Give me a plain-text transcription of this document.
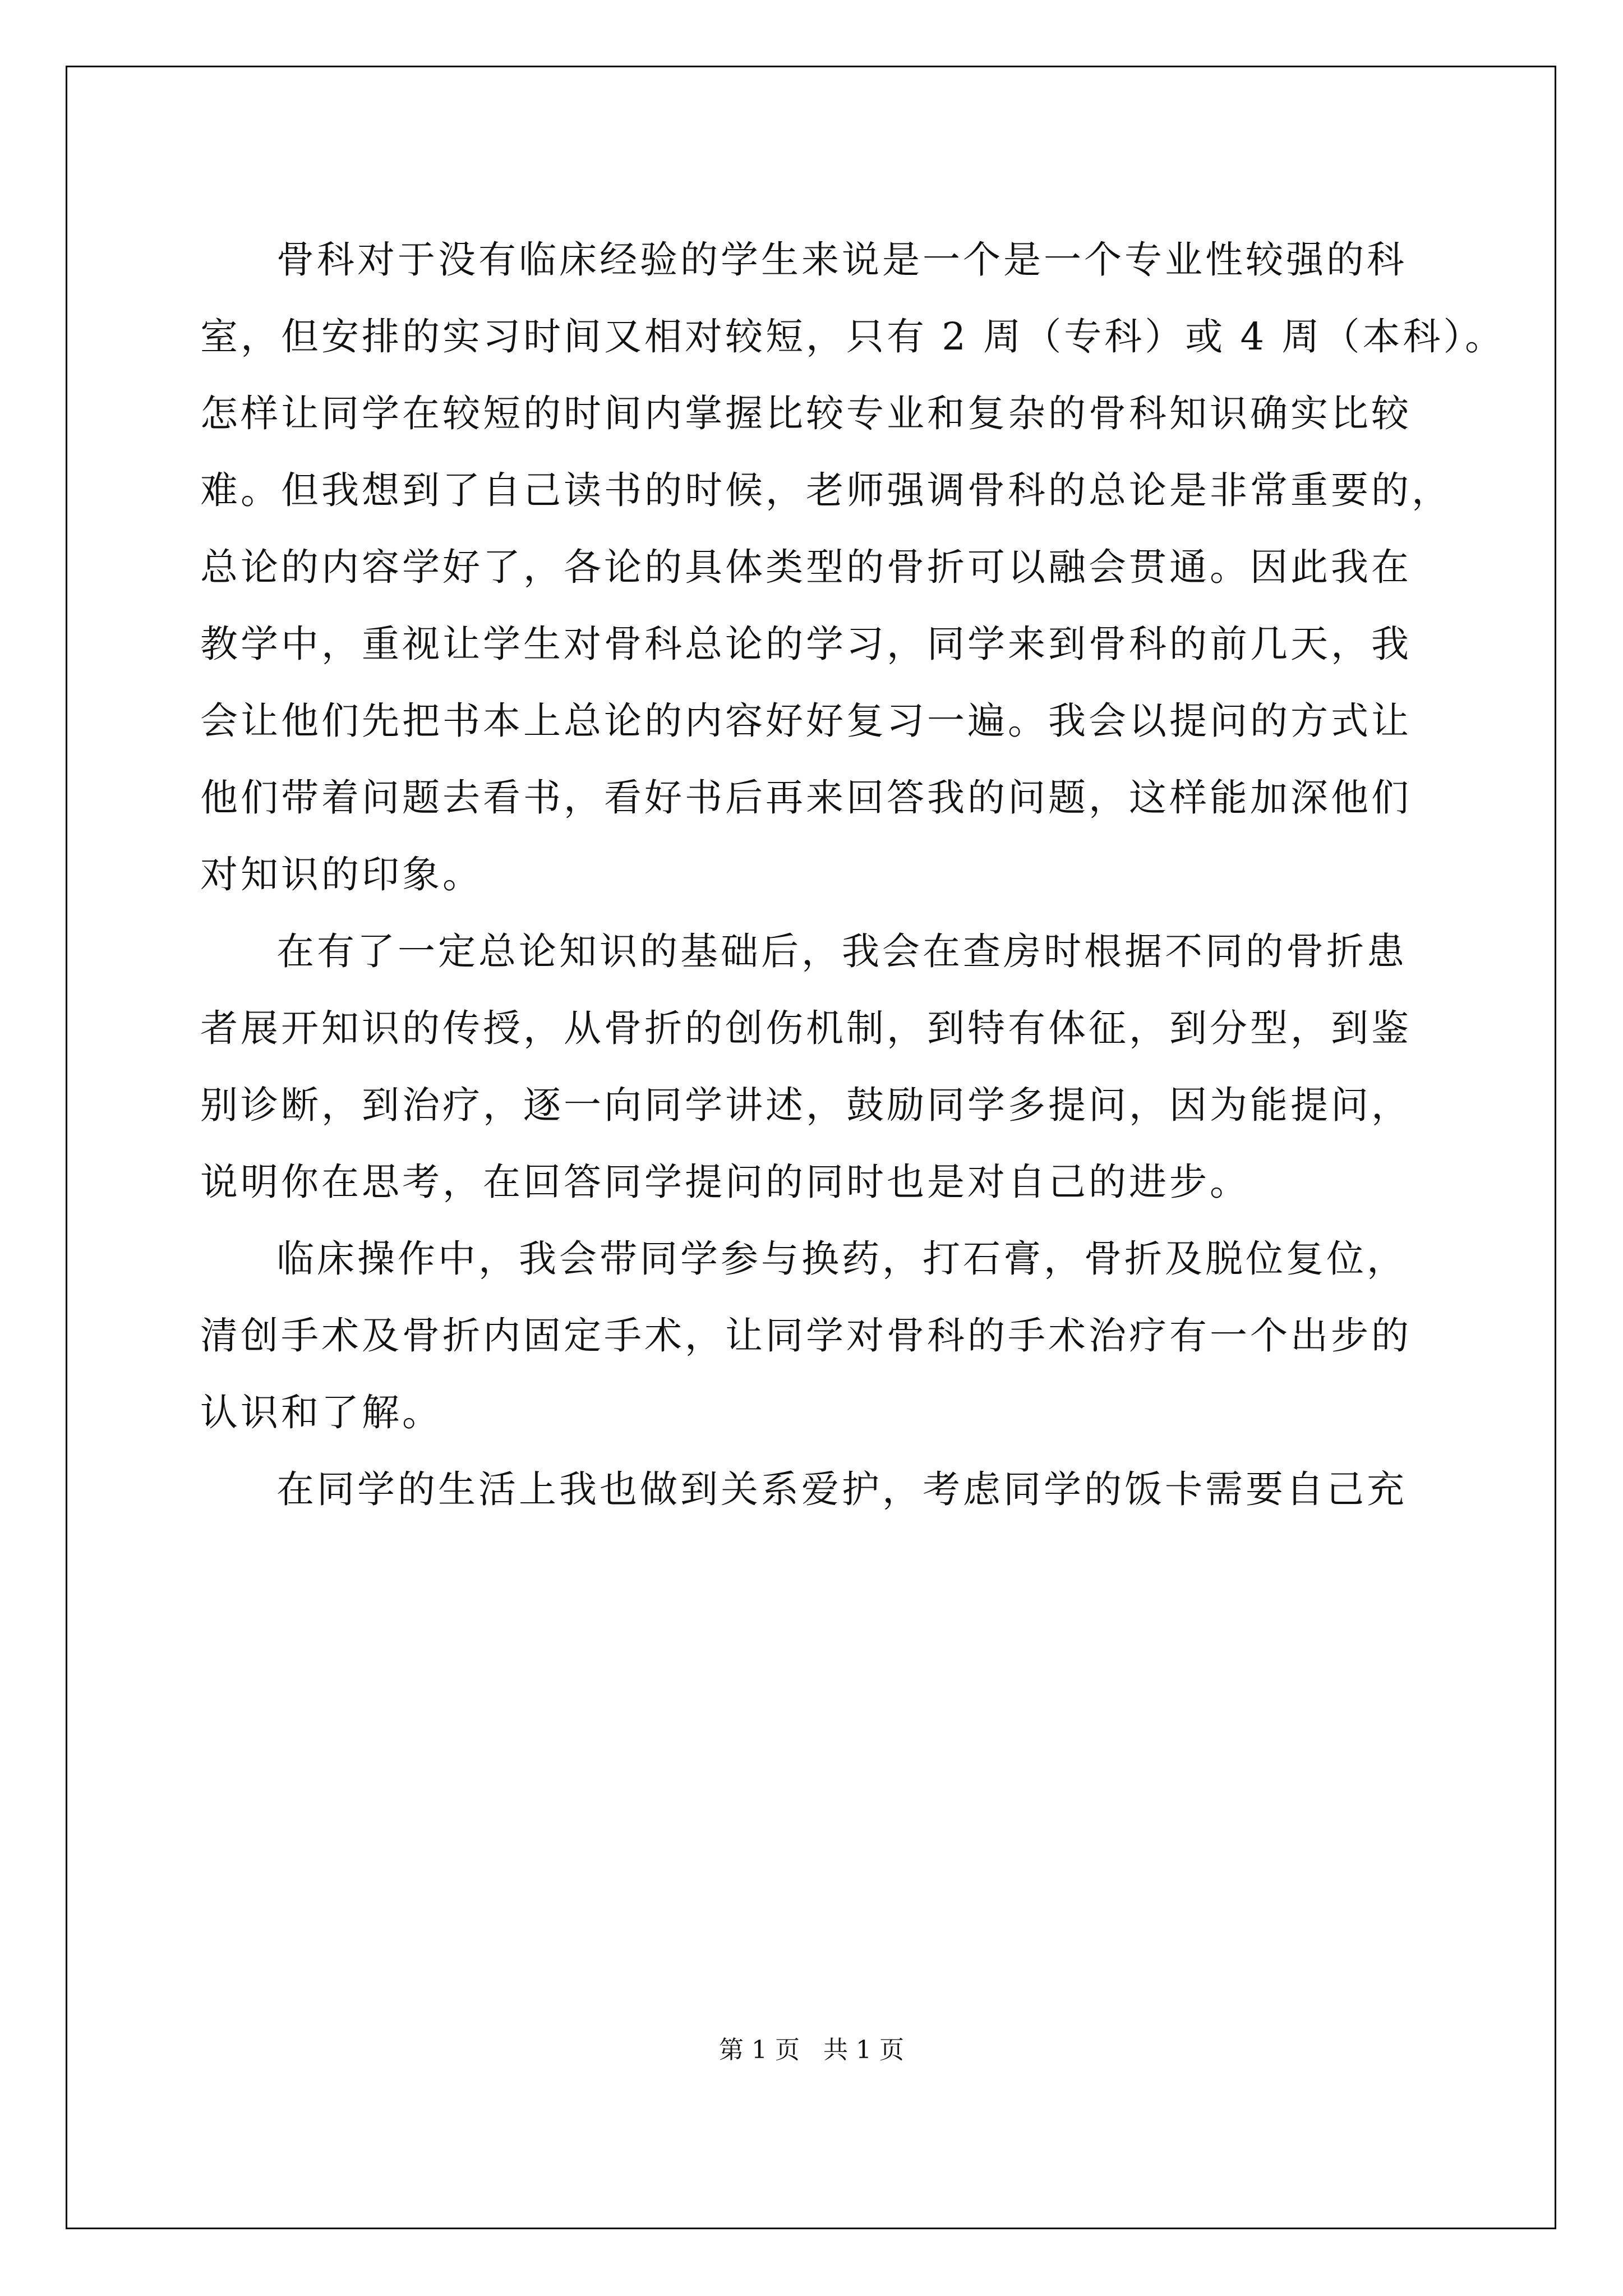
骨科对于没有临床经验的学生来说是一个是一个专业性较强的科
室，但安排的实习时间又相对较短，只有 2 周（专科）或 4 周（本科）。
怎样让同学在较短的时间内掌握比较专业和复杂的骨科知识确实比较
难。但我想到了自己读书的时候，老师强调骨科的总论是非常重要的，
总论的内容学好了，各论的具体类型的骨折可以融会贯通。因此我在
教学中，重视让学生对骨科总论的学习，同学来到骨科的前几天，我
会让他们先把书本上总论的内容好好复习一遍。我会以提问的方式让
他们带着问题去看书，看好书后再来回答我的问题，这样能加深他们
对知识的印象。
在有了一定总论知识的基础后，我会在查房时根据不同的骨折患
者展开知识的传授，从骨折的创伤机制，到特有体征，到分型，到鉴
别诊断，到治疗，逐一向同学讲述，鼓励同学多提问，因为能提问，
说明你在思考，在回答同学提问的同时也是对自己的进步。
临床操作中，我会带同学参与换药，打石膏，骨折及脱位复位，
清创手术及骨折内固定手术，让同学对骨科的手术治疗有一个出步的
认识和了解。
在同学的生活上我也做到关系爱护，考虑同学的饭卡需要自己充
第 1 页   共 1 页
